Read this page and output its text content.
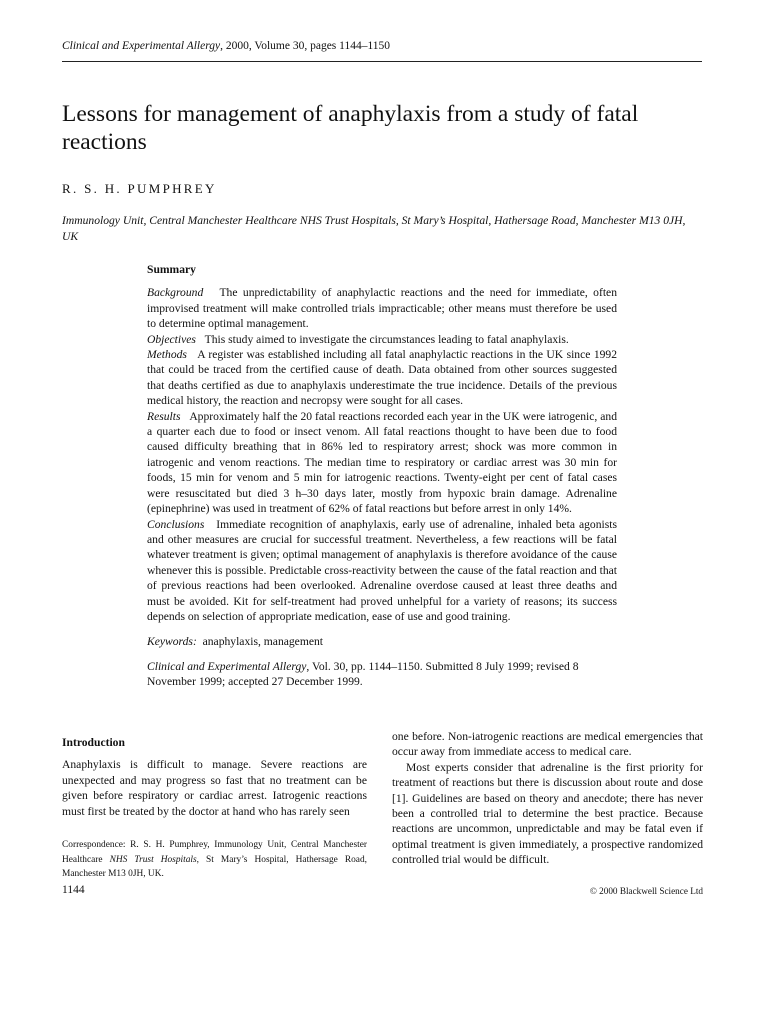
Clinical and Experimental Allergy, 2000, Volume 30, pages 1144–1150
Lessons for management of anaphylaxis from a study of fatal reactions
R. S. H. PUMPHREY
Immunology Unit, Central Manchester Healthcare NHS Trust Hospitals, St Mary’s Hospital, Hathersage Road, Manchester M13 0JH, UK
Summary

Background The unpredictability of anaphylactic reactions and the need for immediate, often improvised treatment will make controlled trials impracticable; other means must therefore be used to determine optimal management.

Objectives This study aimed to investigate the circumstances leading to fatal anaphylaxis.

Methods A register was established including all fatal anaphylactic reactions in the UK since 1992 that could be traced from the certified cause of death. Data obtained from other sources suggested that deaths certified as due to anaphylaxis underestimate the true incidence. Details of the previous medical history, the reaction and necropsy were sought for all cases.

Results Approximately half the 20 fatal reactions recorded each year in the UK were iatrogenic, and a quarter each due to food or insect venom. All fatal reactions thought to have been due to food caused difficulty breathing that in 86% led to respiratory arrest; shock was more common in iatrogenic and venom reactions. The median time to respiratory or cardiac arrest was 30 min for foods, 15 min for venom and 5 min for iatrogenic reactions. Twenty-eight per cent of fatal cases were resuscitated but died 3 h–30 days later, mostly from hypoxic brain damage. Adrenaline (epinephrine) was used in treatment of 62% of fatal reactions but before arrest in only 14%.

Conclusions Immediate recognition of anaphylaxis, early use of adrenaline, inhaled beta agonists and other measures are crucial for successful treatment. Nevertheless, a few reactions will be fatal whatever treatment is given; optimal management of anaphylaxis is therefore avoidance of the cause whenever this is possible. Predictable cross-reactivity between the cause of the fatal reaction and that of previous reactions had been overlooked. Adrenaline overdose caused at least three deaths and must be avoided. Kit for self-treatment had proved unhelpful for a variety of reasons; its success depends on selection of appropriate medication, ease of use and good training.

Keywords: anaphylaxis, management

Clinical and Experimental Allergy, Vol. 30, pp. 1144–1150. Submitted 8 July 1999; revised 8 November 1999; accepted 27 December 1999.

Introduction

Anaphylaxis is difficult to manage. Severe reactions are unexpected and may progress so fast that no treatment can be given before respiratory or cardiac arrest. Iatrogenic reactions must first be treated by the doctor at hand who has rarely seen

Correspondence: R. S. H. Pumphrey, Immunology Unit, Central Manchester Healthcare NHS Trust Hospitals, St Mary’s Hospital, Hathersage Road, Manchester M13 0JH, UK.

one before. Non-iatrogenic reactions are medical emergencies that occur away from immediate access to medical care.

Most experts consider that adrenaline is the first priority for treatment of reactions but there is discussion about route and dose [1]. Guidelines are based on theory and anecdote; there has never been a controlled trial to determine the best practice. Because reactions are uncommon, unpredictable and may be fatal even if optimal treatment is given immediately, a prospective randomized controlled trial would be difficult.

1144	© 2000 Blackwell Science Ltd
